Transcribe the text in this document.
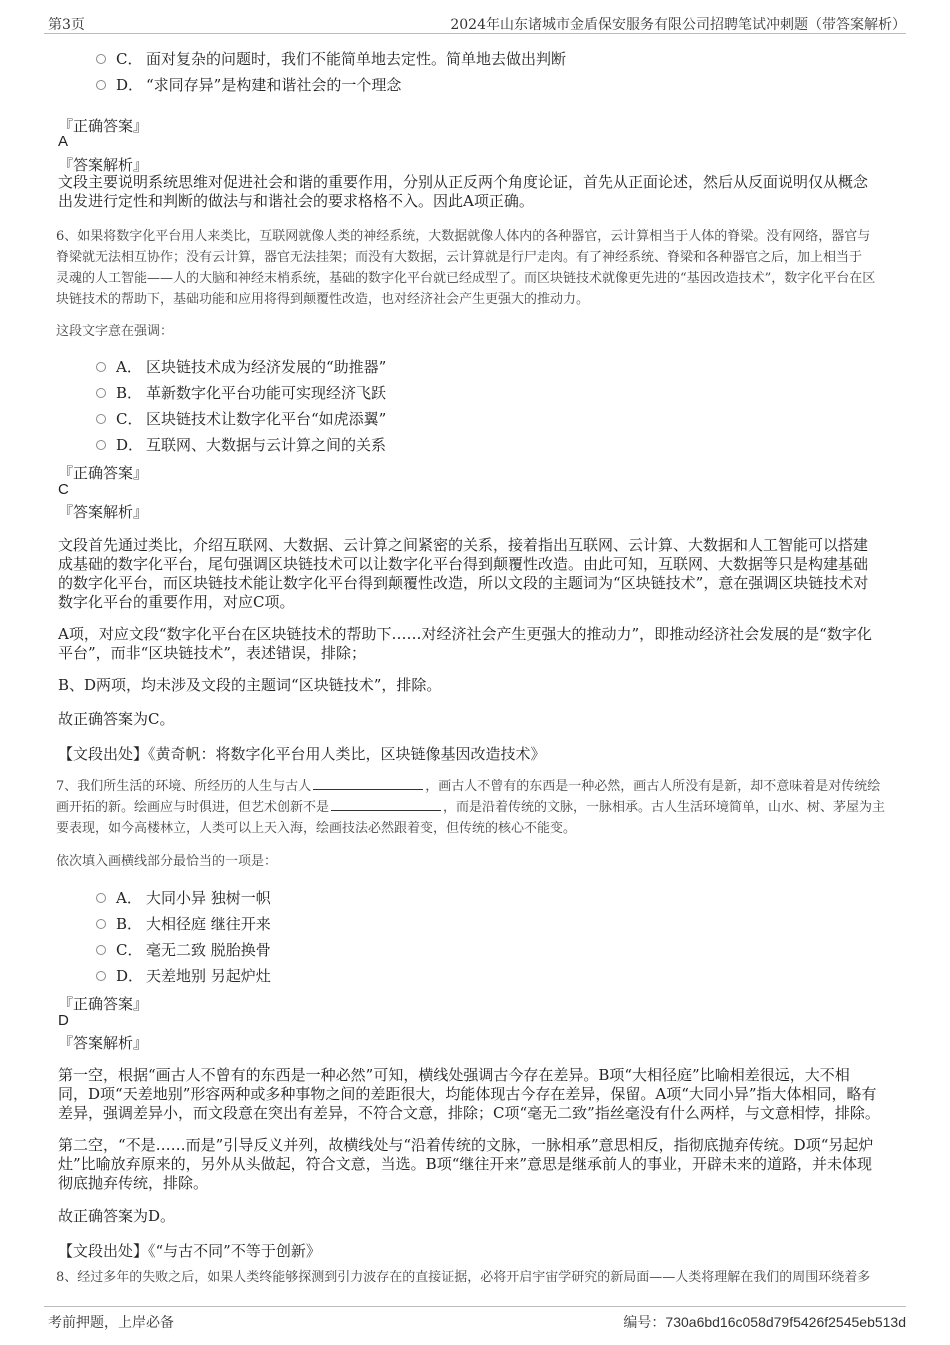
第3页	2024年山东诸城市金盾保安服务有限公司招聘笔试冲刺题（带答案解析）
C． 面对复杂的问题时，我们不能简单地去定性。简单地去做出判断
D． “求同存异”是构建和谐社会的一个理念
『正确答案』
A
『答案解析』
文段主要说明系统思维对促进社会和谐的重要作用，分别从正反两个角度论证，首先从正面论述，然后从反面说明仅从概念
出发进行定性和判断的做法与和谐社会的要求格格不入。因此A项正确。
6、如果将数字化平台用人来类比，互联网就像人类的神经系统，大数据就像人体内的各种器官，云计算相当于人体的脊梁。没有网络，器官与
脊梁就无法相互协作；没有云计算，器官无法挂架；而没有大数据，云计算就是行尸走肉。有了神经系统、脊梁和各种器官之后，加上相当于
灵魂的人工智能——人的大脑和神经末梢系统，基础的数字化平台就已经成型了。而区块链技术就像更先进的“基因改造技术”，数字化平台在区
块链技术的帮助下，基础功能和应用将得到颠覆性改造，也对经济社会产生更强大的推动力。
这段文字意在强调：
A． 区块链技术成为经济发展的“助推器”
B． 革新数字化平台功能可实现经济飞跃
C． 区块链技术让数字化平台“如虎添翼”
D． 互联网、大数据与云计算之间的关系
『正确答案』
C
『答案解析』
文段首先通过类比，介绍互联网、大数据、云计算之间紧密的关系，接着指出互联网、云计算、大数据和人工智能可以搭建
成基础的数字化平台，尾句强调区块链技术可以让数字化平台得到颠覆性改造。由此可知，互联网、大数据等只是构建基础
的数字化平台，而区块链技术能让数字化平台得到颠覆性改造，所以文段的主题词为“区块链技术”，意在强调区块链技术对
数字化平台的重要作用，对应C项。
A项，对应文段“数字化平台在区块链技术的帮助下……对经济社会产生更强大的推动力”，即推动经济社会发展的是“数字化
平台”，而非“区块链技术”，表述错误，排除；
B、D两项，均未涉及文段的主题词“区块链技术”，排除。
故正确答案为C。
【文段出处】《黄奇帆：将数字化平台用人类比，区块链像基因改造技术》
7、我们所生活的环境、所经历的人生与古人	，画古人不曾有的东西是一种必然，画古人所没有是新，却不意味着是对传统绘
画开拓的新。绘画应与时俱进，但艺术创新不是	，而是沿着传统的文脉，一脉相承。古人生活环境简单，山水、树、茅屋为主
要表现，如今高楼林立，人类可以上天入海，绘画技法必然跟着变，但传统的核心不能变。
依次填入画横线部分最恰当的一项是：
A． 大同小异 独树一帜
B． 大相径庭 继往开来
C． 毫无二致 脱胎换骨
D． 天差地别 另起炉灶
『正确答案』
D
『答案解析』
第一空，根据“画古人不曾有的东西是一种必然”可知，横线处强调古今存在差异。B项“大相径庭”比喻相差很远，大不相
同，D项“天差地别”形容两种或多种事物之间的差距很大，均能体现古今存在差异，保留。A项“大同小异”指大体相同，略有
差异，强调差异小，而文段意在突出有差异，不符合文意，排除；C项“毫无二致”指丝毫没有什么两样，与文意相悖，排除。
第二空，“不是……而是”引导反义并列，故横线处与“沿着传统的文脉，一脉相承”意思相反，指彻底抛弃传统。D项“另起炉
灶”比喻放弃原来的，另外从头做起，符合文意，当选。B项“继往开来”意思是继承前人的事业，开辟未来的道路，并未体现
彻底抛弃传统，排除。
故正确答案为D。
【文段出处】《“与古不同”不等于创新》
8、经过多年的失败之后，如果人类终能够探测到引力波存在的直接证据，必将开启宇宙学研究的新局面——人类将理解在我们的周围环绕着多
考前押题，上岸必备	编号：730a6bd16c058d79f5426f2545eb513d
